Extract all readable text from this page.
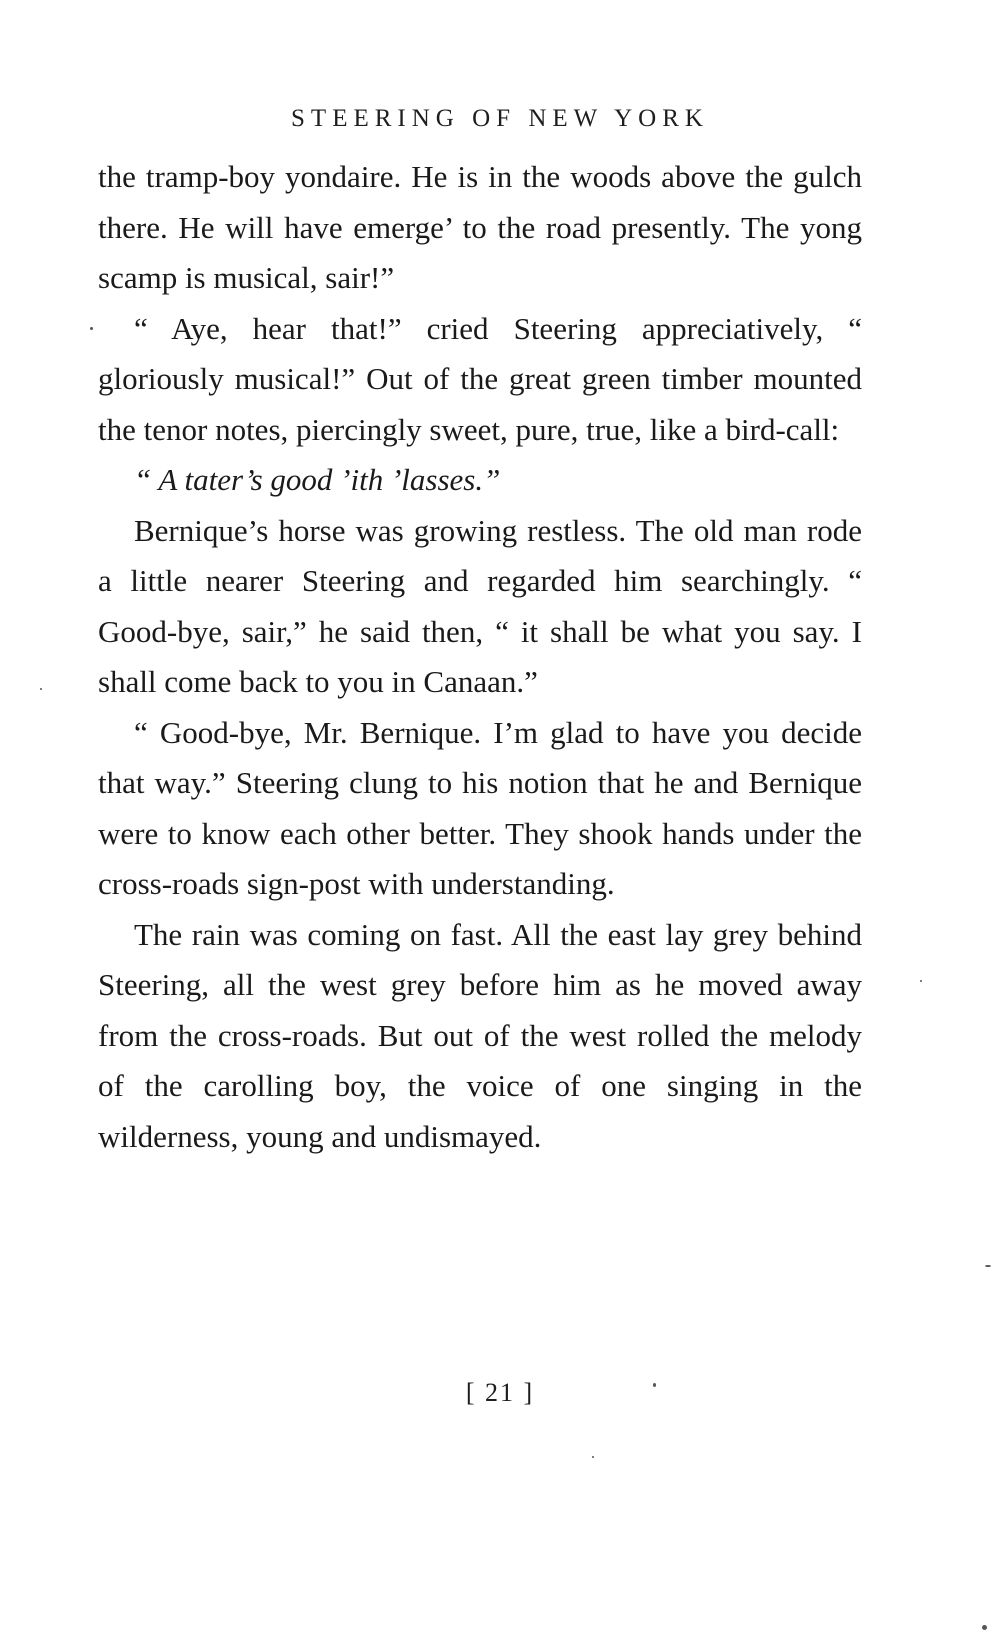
STEERING OF NEW YORK

the tramp-boy yondaire. He is in the woods above the gulch there. He will have emerge’ to the road presently. The yong scamp is musical, sair!”

“ Aye, hear that!” cried Steering appreciatively, “ gloriously musical!” Out of the great green timber mounted the tenor notes, piercingly sweet, pure, true, like a bird-call:

“ A tater’s good ’ith ’lasses.”

Bernique’s horse was growing restless. The old man rode a little nearer Steering and regarded him searchingly. “ Good-bye, sair,” he said then, “ it shall be what you say. I shall come back to you in Canaan.”

“ Good-bye, Mr. Bernique. I’m glad to have you decide that way.” Steering clung to his notion that he and Bernique were to know each other better. They shook hands under the cross-roads sign-post with understanding.

The rain was coming on fast. All the east lay grey behind Steering, all the west grey before him as he moved away from the cross-roads. But out of the west rolled the melody of the carolling boy, the voice of one singing in the wilderness, young and undismayed.

[ 21 ]
